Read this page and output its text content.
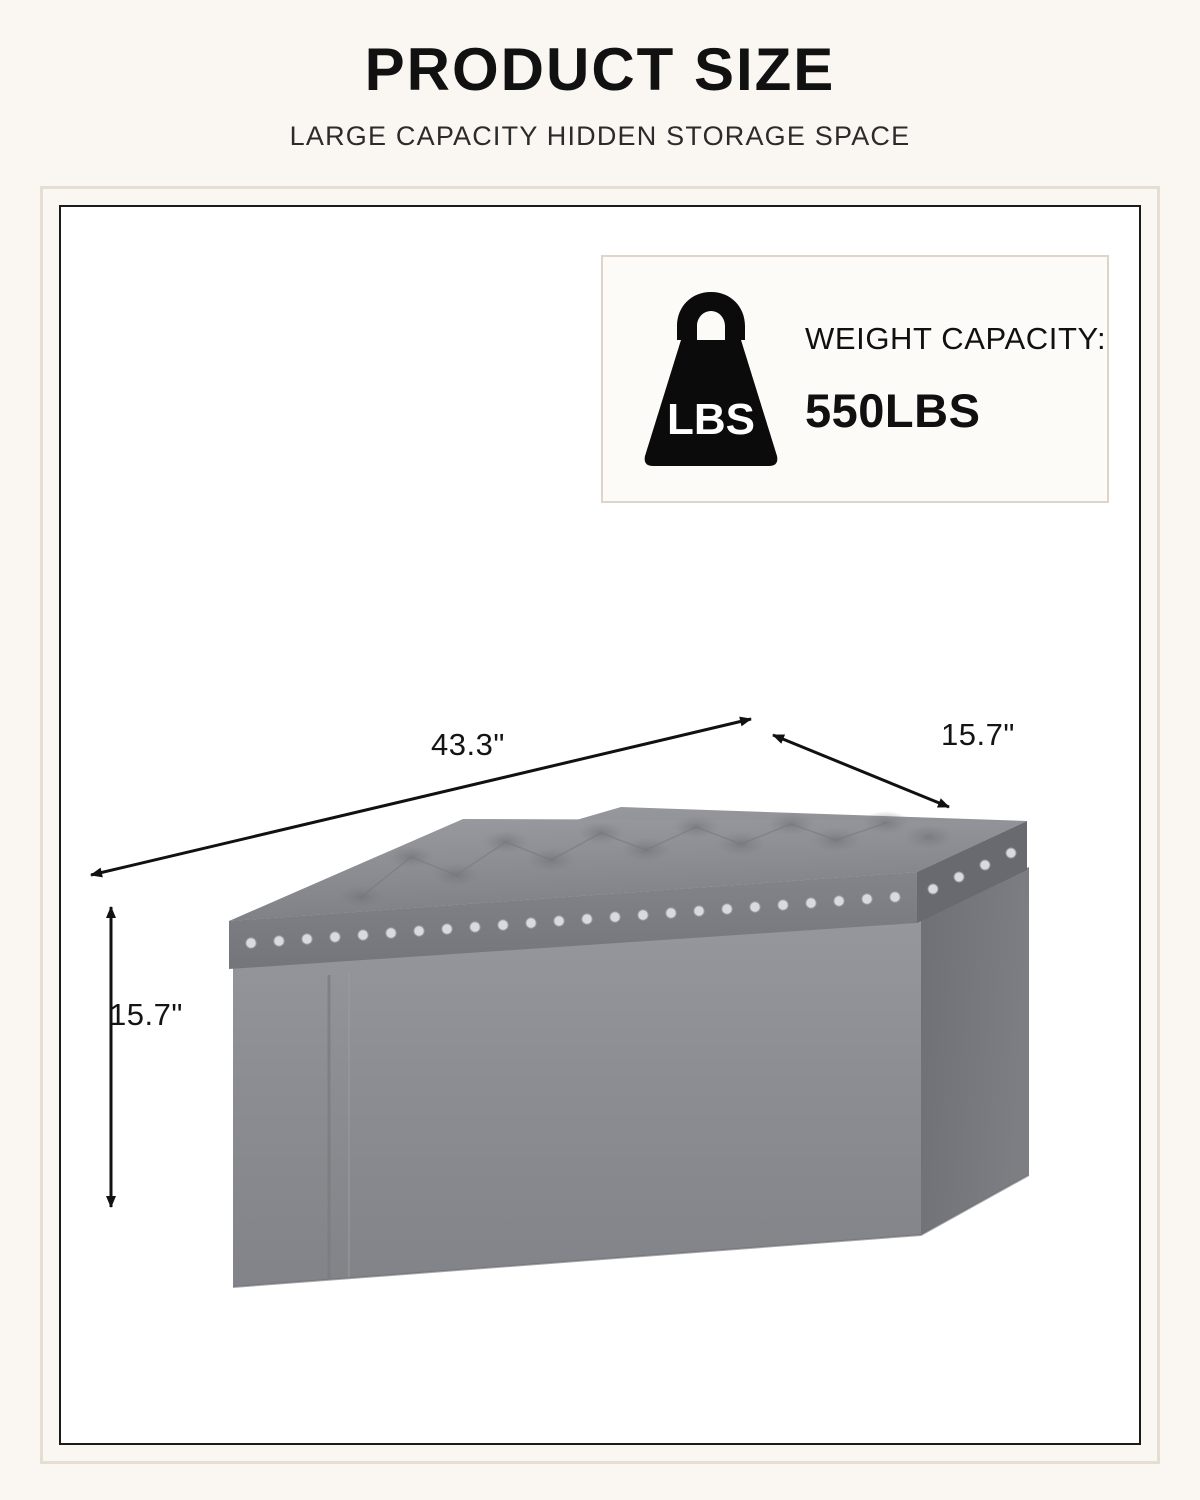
PRODUCT SIZE
LARGE CAPACITY HIDDEN STORAGE SPACE
LBS
WEIGHT CAPACITY:
550LBS
43.3"	15.7"
15.7"
